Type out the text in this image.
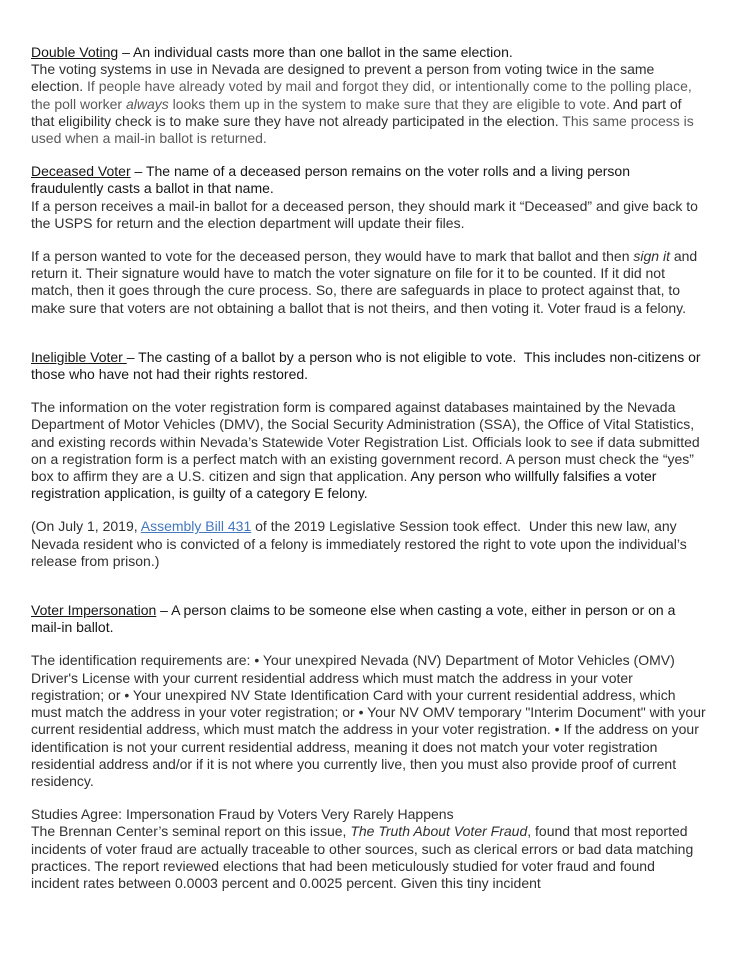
Double Voting – An individual casts more than one ballot in the same election.

The voting systems in use in Nevada are designed to prevent a person from voting twice in the same election. If people have already voted by mail and forgot they did, or intentionally come to the polling place, the poll worker always looks them up in the system to make sure that they are eligible to vote. And part of that eligibility check is to make sure they have not already participated in the election. This same process is used when a mail-in ballot is returned.

Deceased Voter – The name of a deceased person remains on the voter rolls and a living person fraudulently casts a ballot in that name.

If a person receives a mail-in ballot for a deceased person, they should mark it “Deceased” and give back to the USPS for return and the election department will update their files.

If a person wanted to vote for the deceased person, they would have to mark that ballot and then sign it and return it. Their signature would have to match the voter signature on file for it to be counted. If it did not match, then it goes through the cure process. So, there are safeguards in place to protect against that, to make sure that voters are not obtaining a ballot that is not theirs, and then voting it. Voter fraud is a felony.

Ineligible Voter – The casting of a ballot by a person who is not eligible to vote.  This includes non-citizens or those who have not had their rights restored.

The information on the voter registration form is compared against databases maintained by the Nevada Department of Motor Vehicles (DMV), the Social Security Administration (SSA), the Office of Vital Statistics, and existing records within Nevada’s Statewide Voter Registration List. Officials look to see if data submitted on a registration form is a perfect match with an existing government record. A person must check the “yes” box to affirm they are a U.S. citizen and sign that application. Any person who willfully falsifies a voter registration application, is guilty of a category E felony.

(On July 1, 2019, Assembly Bill 431 of the 2019 Legislative Session took effect.  Under this new law, any Nevada resident who is convicted of a felony is immediately restored the right to vote upon the individual’s release from prison.)

Voter Impersonation – A person claims to be someone else when casting a vote, either in person or on a mail-in ballot.

The identification requirements are: • Your unexpired Nevada (NV) Department of Motor Vehicles (OMV) Driver's License with your current residential address which must match the address in your voter registration; or • Your unexpired NV State Identification Card with your current residential address, which must match the address in your voter registration; or • Your NV OMV temporary "Interim Document" with your current residential address, which must match the address in your voter registration. • If the address on your identification is not your current residential address, meaning it does not match your voter registration residential address and/or if it is not where you currently live, then you must also provide proof of current residency.

Studies Agree: Impersonation Fraud by Voters Very Rarely Happens

The Brennan Center’s seminal report on this issue, The Truth About Voter Fraud, found that most reported incidents of voter fraud are actually traceable to other sources, such as clerical errors or bad data matching practices. The report reviewed elections that had been meticulously studied for voter fraud and found incident rates between 0.0003 percent and 0.0025 percent. Given this tiny incident
